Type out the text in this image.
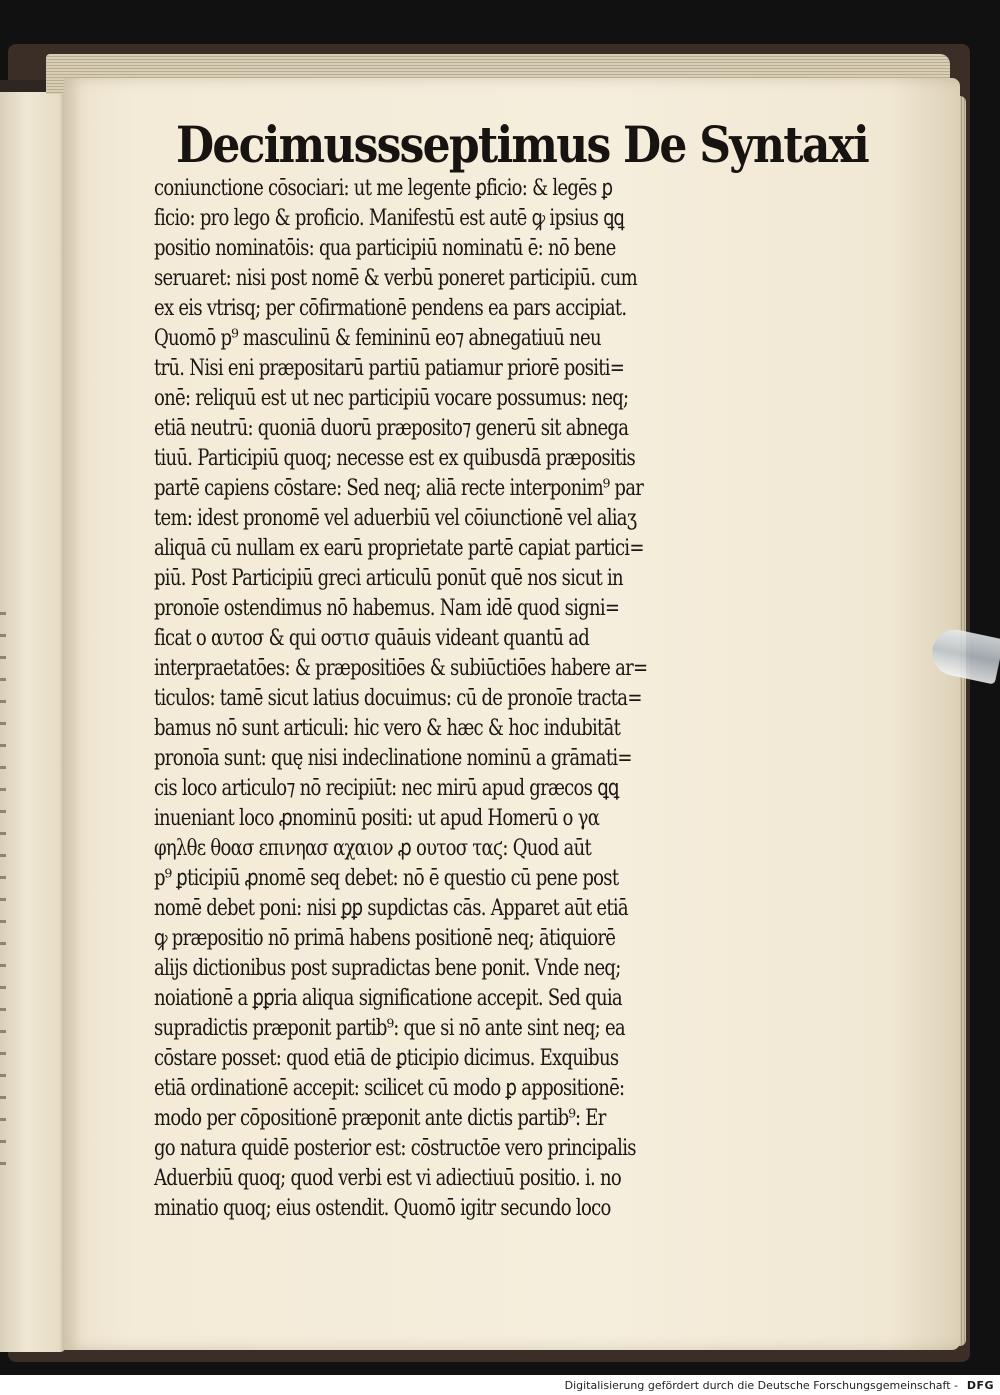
Decimussseptimus De Syntaxi
coniunctione cōsociari: ut me legente ꝑficio: & legēs ꝑ
ficio: pro lego & proficio. Manifestū est autē ꝙ ipsius ꝗꝗ
positio nominatōis: qua participiū nominatū ē: nō bene
seruaret: nisi post nomē & verbū poneret participiū. cum
ex eis vtrisq; per cōfirmationē pendens ea pars accipiat.
Quomō p⁹ masculinū & femininū eo⁊ abnegatiuū neu
trū. Nisi eni præpositarū partiū patiamur priorē positi=
onē: reliquū est ut nec participiū vocare possumus: neq;
etiā neutrū: quoniā duorū præposito⁊ generū sit abnega
tiuū. Participiū quoq; necesse est ex quibusdā præpositis
partē capiens cōstare: Sed neq; aliā recte interponim⁹ par
tem: idest pronomē vel aduerbiū vel cōiunctionē vel aliaʒ
aliquā cū nullam ex earū proprietate partē capiat partici=
piū. Post Participiū greci articulū ponūt quē nos sicut in
pronoīe ostendimus nō habemus. Nam idē quod signi=
ficat ο αυτοσ & qui οστισ quāuis videant quantū ad
interpraetatōes: & præpositiōes & subiūctiōes habere ar=
ticulos: tamē sicut latius docuimus: cū de pronoīe tracta=
bamus nō sunt articuli: hic vero & hæc & hoc indubitāt
pronoīa sunt: quę nisi indeclinatione nominū a grāmati=
cis loco articulo⁊ nō recipiūt: nec mirū apud græcos ꝗꝗ
inueniant loco ꝓnominū positi: ut apud Homerū ο γα
φηλθε θοασ επινηασ αχαιον ꝓ ουτοσ ταϛ: Quod aūt
p⁹ ꝑticipiū ꝓnomē seq debet: nō ē questio cū pene post
nomē debet poni: nisi ꝑꝑ supdictas cās. Apparet aūt etiā
ꝙ præpositio nō primā habens positionē neq; ātiquiorē
alijs dictionibus post supradictas bene ponit. Vnde neq;
noiationē a ꝑꝑria aliqua significatione accepit. Sed quia
supradictis præponit partib⁹: que si nō ante sint neq; ea
cōstare posset: quod etiā de ꝑticipio dicimus. Exquibus
etiā ordinationē accepit: scilicet cū modo ꝑ appositionē:
modo per cōpositionē præponit ante dictis partib⁹: Er
go natura quidē posterior est: cōstructōe vero principalis
Aduerbiū quoq; quod verbi est vi adiectiuū positio. i. no
minatio quoq; eius ostendit. Quomō igitr secundo loco
Digitalisierung gefördert durch die Deutsche Forschungsgemeinschaft - DFG
